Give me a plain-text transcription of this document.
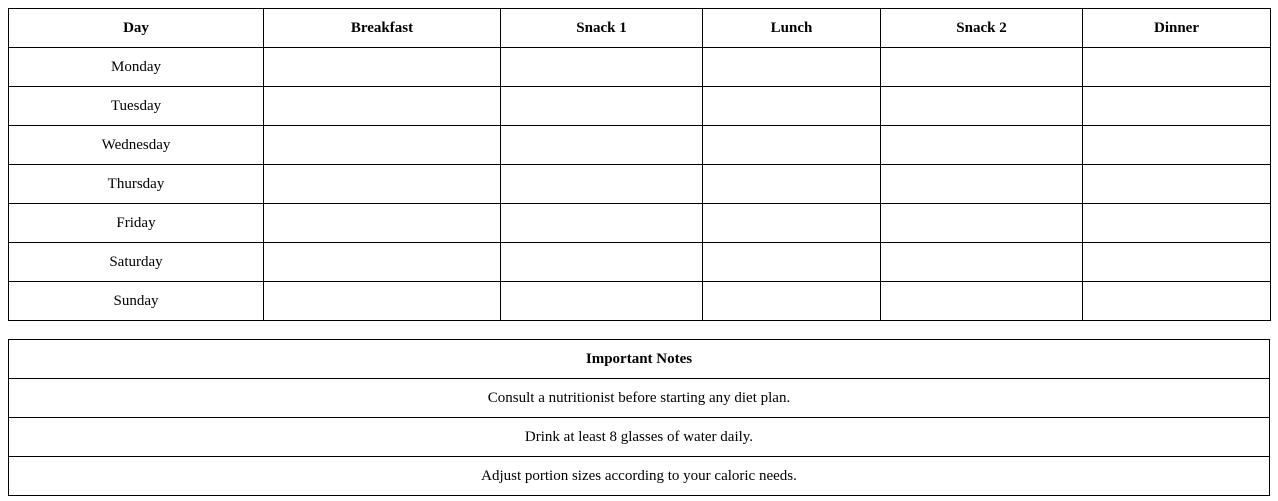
Day	Breakfast	Snack 1	Lunch	Snack 2	Dinner
Monday					
Tuesday					
Wednesday					
Thursday					
Friday					
Saturday					
Sunday					
Important Notes
Consult a nutritionist before starting any diet plan.
Drink at least 8 glasses of water daily.
Adjust portion sizes according to your caloric needs.
